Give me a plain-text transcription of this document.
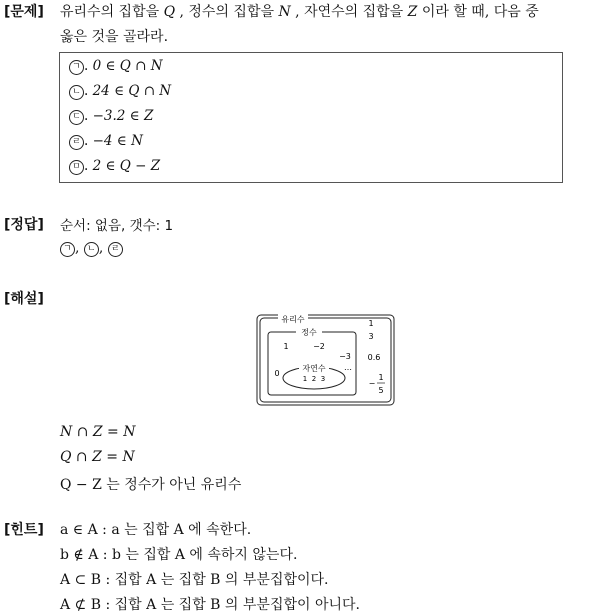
[문제] 유리수의 집합을 Q , 정수의 집합을 N , 자연수의 집합을 Z 이라 할 때, 다음 중
옳은 것을 골라라.
ㄱ . 0 ∈ Q ∩ N
ㄴ . 24 ∈ Q ∩ N
ㄷ . −3.2 ∈ Z
ㄹ . −4 ∈ N
ㅁ . 2 ∈ Q − Z
[정답] 순서: 없음, 갯수: 1
ㄱ , ㄴ , ㄹ
[해설]
유리수
정수
자연수
1 2 3
1	−2
−3
0
…
1
3
0.6
−
1
5
N ∩ Z = N
Q ∩ Z = N
Q − Z 는 정수가 아닌 유리수
[힌트] a ∈ A : a 는 집합 A 에 속한다.
b ∉ A : b 는 집합 A 에 속하지 않는다.
A ⊂ B : 집합 A 는 집합 B 의 부분집합이다.
A ⊄ B : 집합 A 는 집합 B 의 부분집합이 아니다.
